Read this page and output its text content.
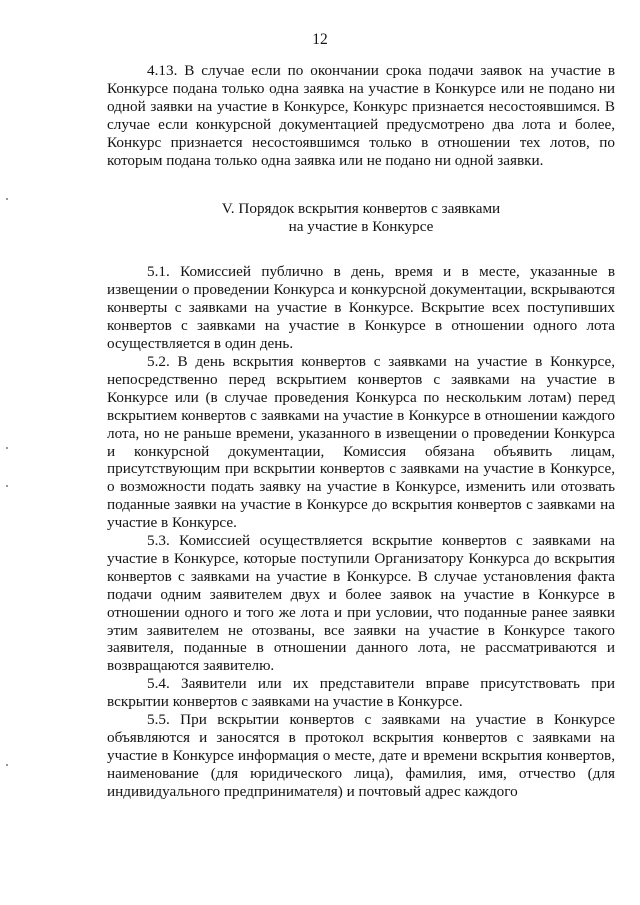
12

4.13. В случае если по окончании срока подачи заявок на участие в Конкурсе подана только одна заявка на участие в Конкурсе или не подано ни одной заявки на участие в Конкурсе, Конкурс признается несостоявшимся. В случае если конкурсной документацией предусмотрено два лота и более, Конкурс признается несостоявшимся только в отношении тех лотов, по которым подана только одна заявка или не подано ни одной заявки.

V. Порядок вскрытия конвертов с заявками
на участие в Конкурсе

5.1. Комиссией публично в день, время и в месте, указанные в извещении о проведении Конкурса и конкурсной документации, вскрываются конверты с заявками на участие в Конкурсе. Вскрытие всех поступивших конвертов с заявками на участие в Конкурсе в отношении одного лота осуществляется в один день.

5.2. В день вскрытия конвертов с заявками на участие в Конкурсе, непосредственно перед вскрытием конвертов с заявками на участие в Конкурсе или (в случае проведения Конкурса по нескольким лотам) перед вскрытием конвертов с заявками на участие в Конкурсе в отношении каждого лота, но не раньше времени, указанного в извещении о проведении Конкурса и конкурсной документации, Комиссия обязана объявить лицам, присутствующим при вскрытии конвертов с заявками на участие в Конкурсе, о возможности подать заявку на участие в Конкурсе, изменить или отозвать поданные заявки на участие в Конкурсе до вскрытия конвертов с заявками на участие в Конкурсе.

5.3. Комиссией осуществляется вскрытие конвертов с заявками на участие в Конкурсе, которые поступили Организатору Конкурса до вскрытия конвертов с заявками на участие в Конкурсе. В случае установления факта подачи одним заявителем двух и более заявок на участие в Конкурсе в отношении одного и того же лота и при условии, что поданные ранее заявки этим заявителем не отозваны, все заявки на участие в Конкурсе такого заявителя, поданные в отношении данного лота, не рассматриваются и возвращаются заявителю.

5.4. Заявители или их представители вправе присутствовать при вскрытии конвертов с заявками на участие в Конкурсе.

5.5. При вскрытии конвертов с заявками на участие в Конкурсе объявляются и заносятся в протокол вскрытия конвертов с заявками на участие в Конкурсе информация о месте, дате и времени вскрытия конвертов, наименование (для юридического лица), фамилия, имя, отчество (для индивидуального предпринимателя) и почтовый адрес каждого
